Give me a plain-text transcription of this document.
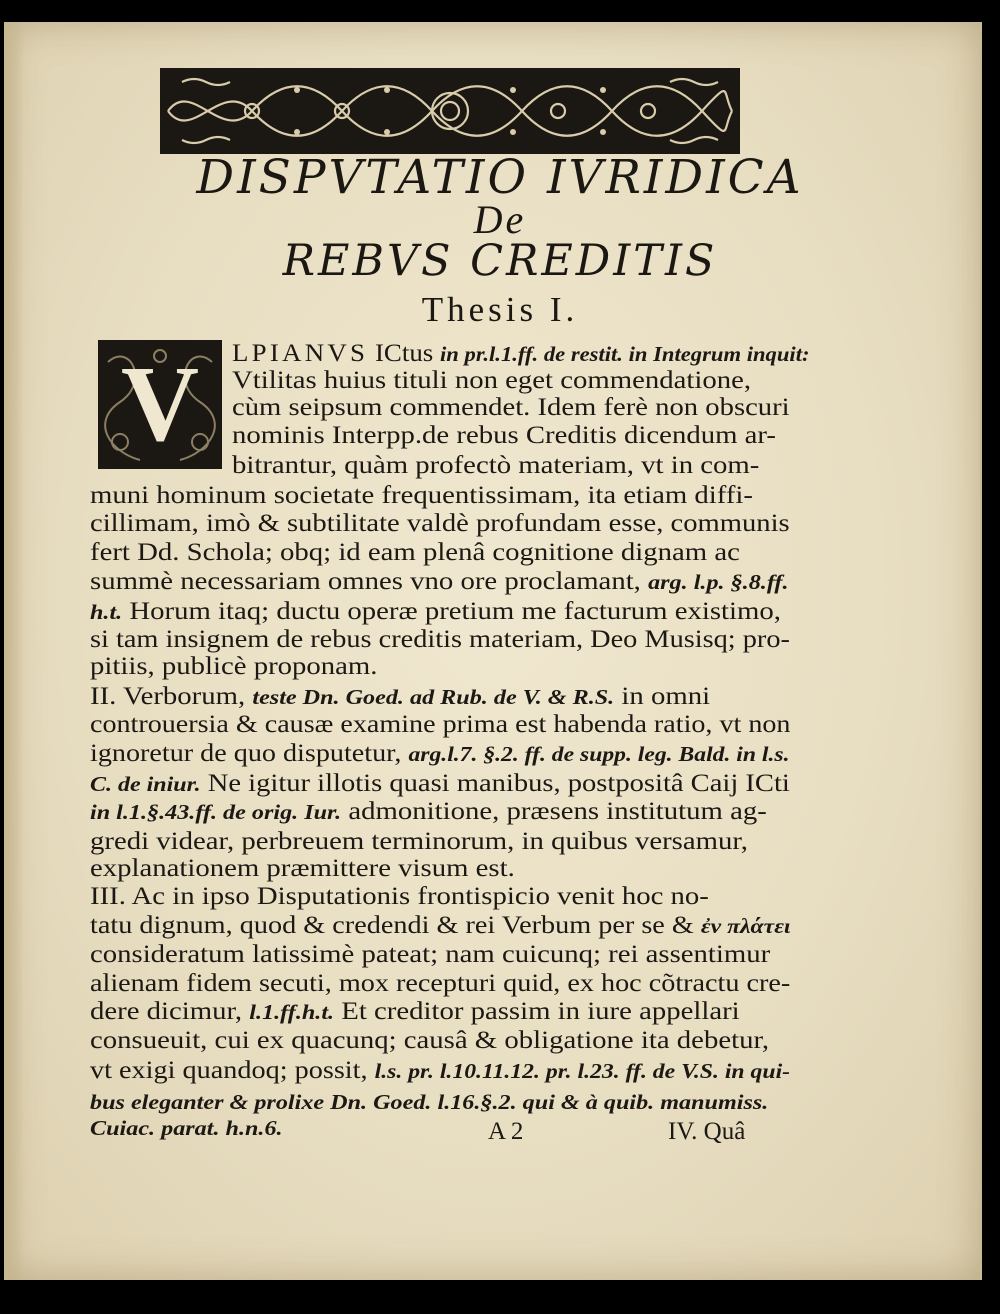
DISPVTATIO IVRIDICA
De
REBVS CREDITIS
Thesis I.
V	LPIANVS ICtus in pr.l.1.ff. de restit. in Integrum inquit:
Vtilitas huius tituli non eget commendatione,
cùm seipsum commendet. Idem ferè non obscuri
nominis Interpp.de rebus Creditis dicendum ar-
bitrantur, quàm profectò materiam, vt in com-
muni hominum societate frequentissimam, ita etiam diffi-
cillimam, imò & subtilitate valdè profundam esse, communis
fert Dd. Schola; obq; id eam plenâ cognitione dignam ac
summè necessariam omnes vno ore proclamant, arg. l.p. §.8.ff.
h.t. Horum itaq; ductu operæ pretium me facturum existimo,
si tam insignem de rebus creditis materiam, Deo Musisq; pro-
pitiis, publicè proponam.
II. Verborum, teste Dn. Goed. ad Rub. de V. & R.S. in omni
controuersia & causæ examine prima est habenda ratio, vt non
ignoretur de quo disputetur, arg.l.7. §.2. ff. de supp. leg. Bald. in l.s.
C. de iniur. Ne igitur illotis quasi manibus, postpositâ Caij ICti
in l.1.§.43.ff. de orig. Iur. admonitione, præsens institutum ag-
gredi videar, perbreuem terminorum, in quibus versamur,
explanationem præmittere visum est.
III. Ac in ipso Disputationis frontispicio venit hoc no-
tatu dignum, quod & credendi & rei Verbum per se & ἐν πλάτει
consideratum latissimè pateat; nam cuicunq; rei assentimur
alienam fidem secuti, mox recepturi quid, ex hoc cõtractu cre-
dere dicimur, l.1.ff.h.t. Et creditor passim in iure appellari
consueuit, cui ex quacunq; causâ & obligatione ita debetur,
vt exigi quandoq; possit, l.s. pr. l.10.11.12. pr. l.23. ff. de V.S. in qui-
bus eleganter & prolixe Dn. Goed. l.16.§.2. qui & à quib. manumiss.
Cuiac. parat. h.n.6.	A 2	IV. Quâ
